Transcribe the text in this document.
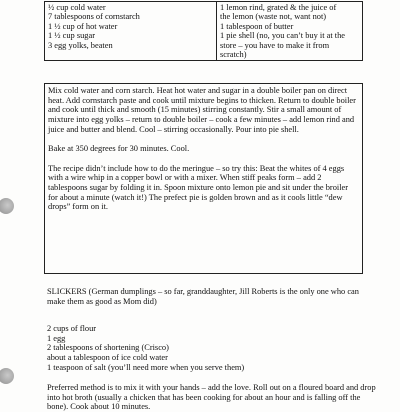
½ cup cold water
7 tablespoons of cornstarch
1 ½ cup of hot water
1 ½ cup sugar
3 egg yolks, beaten
1 lemon rind, grated & the juice of
the lemon (waste not, want not)
1 tablespoon of butter
1 pie shell (no, you can’t buy it at the
store – you have to make it from
scratch)

Mix cold water and corn starch. Heat hot water and sugar in a double boiler pan on direct heat. Add cornstarch paste and cook until mixture begins to thicken. Return to double boiler and cook until thick and smooth (15 minutes) stirring constantly. Stir a small amount of mixture into egg yolks – return to double boiler – cook a few minutes – add lemon rind and juice and butter and blend. Cool – stirring occasionally. Pour into pie shell.

Bake at 350 degrees for 30 minutes. Cool.

The recipe didn’t include how to do the meringue – so try this: Beat the whites of 4 eggs with a wire whip in a copper bowl or with a mixer. When stiff peaks form – add 2 tablespoons sugar by folding it in. Spoon mixture onto lemon pie and sit under the broiler for about a minute (watch it!) The prefect pie is golden brown and as it cools little “dew drops” form on it.

SLICKERS (German dumplings – so far, granddaughter, Jill Roberts is the only one who can make them as good as Mom did)

2 cups of flour
1 egg
2 tablespoons of shortening (Crisco)
about a tablespoon of ice cold water
1 teaspoon of salt (you’ll need more when you serve them)

Preferred method is to mix it with your hands – add the love. Roll out on a floured board and drop into hot broth (usually a chicken that has been cooking for about an hour and is falling off the bone). Cook about 10 minutes.
